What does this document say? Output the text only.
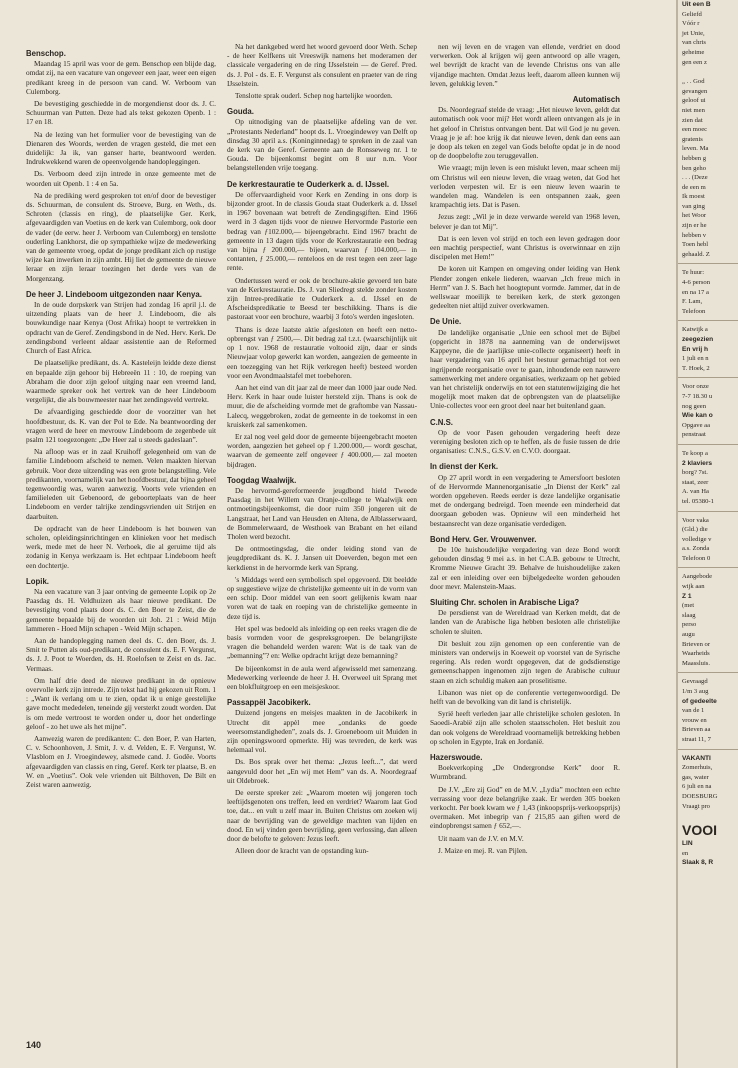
Benschop.

Maandag 15 april was voor de gem. Benschop een blijde dag, omdat zij, na een vacature van ongeveer een jaar, weer een eigen predikant kreeg in de persoon van cand. W. Verboom van Culemborg.

De bevestiging geschiedde in de morgendienst door ds. J. C. Schuurman van Putten. Deze had als tekst gekozen Openb. 1 : 17 en 18.

Na de lezing van het formulier voor de bevestiging van de Dienaren des Woords, werden de vragen gesteld, die met een duidelijk: Ja ik, van ganser harte, beantwoord werden. Indrukwekkend waren de opeenvolgende handopleggingen.

Ds. Verboom deed zijn intrede in onze gemeente met de woorden uit Openb. 1 : 4 en 5a.

Na de prediking werd gesproken tot en/of door de bevestiger ds. Schuurman, de consulent ds. Stroeve, Burg. en Weth., ds. Schroten (classis en ring), de plaatselijke Ger. Kerk, afgevaardigden van Voetius en de kerk van Culemborg, ook door de vader (de eerw. heer J. Verboom van Culemborg) en tenslotte ouderling Lankhorst, die op sympathieke wijze de medewerking van de gemeente vroeg, opdat de jonge predikant zich op rustige wijze kan inwerken in zijn ambt. Hij liet de gemeente de nieuwe leraar en zijn leraar toezingen het derde vers van de Morgenzang.

De heer J. Lindeboom uitgezonden naar Kenya.

In de oude dorpskerk van Strijen had zondag 16 april j.l. de uitzending plaats van de heer J. Lindeboom, die als bouwkundige naar Kenya (Oost Afrika) hoopt te vertrekken in opdracht van de Geref. Zendingsbond in de Ned. Herv. Kerk. De zendingsbond verleent aldaar assistentie aan de Reformed Church of East Africa.

De plaatselijke predikant, ds. A. Kasteleijn leidde deze dienst en bepaalde zijn gehoor bij Hebreeën 11 : 10, de roeping van Abraham die door zijn geloof uitging naar een vreemd land, waarmede spreker ook het vertrek van de heer Lindeboom vergelijkt, die als bouwmeester naar het zendingsveld vertrekt.

De afvaardiging geschiedde door de voorzitter van het hoofdbestuur, ds. K. van der Pol te Ede. Na beantwoording der vragen werd de heer en mevrouw Lindeboom de zegenbede uit psalm 121 toegezongen: „De Heer zal u steeds gadeslaan”.

Na afloop was er in zaal Kruihoff gelegenheid om van de familie Lindeboom afscheid te nemen. Velen maakten hiervan gebruik. Voor deze uitzending was een grote belangstelling. Vele predikanten, voornamelijk van het hoofdbestuur, dat bijna geheel tegenwoordig was, waren aanwezig. Voorts vele vrienden en familieleden uit Gebenoord, de geboorteplaats van de heer Lindeboom en verder talrijke zendingsvrienden uit Strijen en daarbuiten.

De opdracht van de heer Lindeboom is het bouwen van scholen, opleidingsinrichtingen en klinieken voor het medisch werk, mede met de heer N. Verhoek, die al geruime tijd als zodanig in Kenya werkzaam is. Het echtpaar Lindeboom heeft een dochtertje.

Lopik.

Na een vacature van 3 jaar ontving de gemeente Lopik op 2e Paasdag ds. H. Veldhuizen als haar nieuwe predikant. De bevestiging vond plaats door ds. C. den Boer te Zeist, die de gemeente bepaalde bij de woorden uit Joh. 21 : Weid Mijn lammeren - Hoed Mijn schapen - Weid Mijn schapen.

Aan de handoplegging namen deel ds. C. den Boer, ds. J. Smit te Putten als oud-predikant, de consulent ds. E. F. Vergunst, ds. J. J. Poot te Woerden, ds. H. Roelofsen te Zeist en ds. Jac. Vermaas.

Om half drie deed de nieuwe predikant in de opnieuw overvolle kerk zijn intrede. Zijn tekst had hij gekozen uit Rom. 1 : „Want ik verlang om u te zien, opdat ik u enige geestelijke gave mocht mededelen, teneinde gij versterkt zoudt worden. Dat is om mede vertroost te worden onder u, door het onderlinge geloof - zo het uwe als het mijne”.

Aanwezig waren de predikanten: C. den Boer, P. van Harten, C. v. Schoonhoven, J. Smit, J. v. d. Velden, E. F. Vergunst, W. Vlasblom en J. Vroegindewey, alsmede cand. J. Goděe. Voorts afgevaardigden van classis en ring, Geref. Kerk ter plaatse, B. en W. en „Voetius”. Ook vele vrienden uit Bilthoven, De Bilt en Zeist waren aanwezig.

Na het dankgebed werd het woord gevoerd door Weth. Schep - de heer Kelfkens uit Vreeswijk namens het moderamen der classicale vergadering en de ring IJsselstein — de Geref. Pred. ds. J. Pol - ds. E. F. Vergunst als consulent en praeter van de ring IJsselstein.

Tenslotte sprak ouderl. Schep nog hartelijke woorden.

Gouda.

Op uitnodiging van de plaatselijke afdeling van de ver. „Protestants Nederland” hoopt ds. L. Vroegindewey van Delft op dinsdag 30 april a.s. (Koninginnedag) te spreken in de zaal van de kerk van de Geref. Gemeente aan de Ronsseweg nr. 1 te Gouda. De bijeenkomst begint om 8 uur n.m. Voor belangstellenden vrije toegang.

De kerkrestauratie te Ouderkerk a. d. IJssel.

De offervaardigheid voor Kerk en Zending in ons dorp is bijzonder groot. In de classis Gouda staat Ouderkerk a. d. IJssel in 1967 bovenaan wat betreft de Zendingsgiften. Eind 1966 werd in 3 dagen tijds voor de nieuwe Hervormde Pastorie een bedrag van ƒ102.000,— bijeengebracht. Eind 1967 bracht de gemeente in 13 dagen tijds voor de Kerkrestauratie een bedrag van bijna ƒ 200.000,— bijeen, waarvan ƒ 104.000,— in contanten, ƒ 25.000,— renteloos en de rest tegen een zeer lage rente.

Ondertussen werd er ook de brochure-aktie gevoerd ten bate van de Kerkrestauratie. Ds. J. van Sliedregt stelde zonder kosten zijn Intree-predikatie te Ouderkerk a. d. IJssel en de Afscheidspredikatie te Beesd ter beschikking. Thans is die pastoraat voor een brochure, waarbij 3 foto's werden ingesloten.

Thans is deze laatste aktie afgesloten en heeft een netto-opbrengst van ƒ 2500,—. Dit bedrag zal t.z.t. (waarschijnlijk uit op 1 nov. 1968 de restauratie voltooid zijn, daar er sinds Nieuwjaar volop gewerkt kan worden, aangezien de gemeente in een toezegging van het Rijk verkregen heeft) besteed worden voor een Avondmaalstafel met toebehoren.

Aan het eind van dit jaar zal de meer dan 1000 jaar oude Ned. Herv. Kerk in haar oude luister hersteld zijn. Thans is ook de muur, die de afscheiding vormde met de graftombe van Nassau-Lalecq, weggebroken, zodat de gemeente in de toekomst in een kruiskerk zal samenkomen.

Er zal nog veel geld door de gemeente bijeengebracht moeten worden, aangezien het geheel op ƒ 1.200.000,— wordt geschat, waarvan de gemeente zelf ongeveer ƒ 400.000,— zal moeten bijdragen.

Toogdag Waalwijk.

De hervormd-gereformeerde jeugdbond hield Tweede Paasdag in het Willem van Oranje-college te Waalwijk een ontmoetingsbijeenkomst, die door ruim 350 jongeren uit de Langstraat, het Land van Heusden en Altena, de Alblasserwaard, de Bommelerwaard, de Westhoek van Brabant en het eiland Tholen werd bezocht.

De ontmoetingsdag, die onder leiding stond van de jeugdpredikant ds. K. J. Jansen uit Doeverden, begon met een kerkdienst in de hervormde kerk van Sprang.

's Middags werd een symbolisch spel opgevoerd. Dit beeldde op suggestieve wijze de christelijke gemeente uit in de vorm van een schip. Door middel van een soort gelijkenis kwam naar voren wat de taak en roeping van de christelijke gemeente in deze tijd is.

Het spel was bedoeld als inleiding op een reeks vragen die de basis vormden voor de gespreksgroepen. De belangrijkste vragen die behandeld werden waren: Wat is de taak van de „bemanning”? en: Welke opdracht krijgt deze bemanning?

De bijeenkomst in de aula werd afgewisseld met samenzang. Medewerking verleende de heer J. H. Overweel uit Sprang met een blokfluitgroep en een meisjeskoor.

Passappël Jacobikerk.

Duizend jongens en meisjes maakten in de Jacobikerk in Utrecht dit appèl mee „ondanks de goede weersomstandigheden”, zoals ds. J. Groeneboom uit Muiden in zijn openingswoord opmerkte. Hij was tevreden, de kerk was helemaal vol.

Ds. Bos sprak over het thema: „Jezus leeft...”, dat werd aangevuld door het „En wij met Hem” van ds. A. Noordegraaf uit Oldebroek.

De eerste spreker zei: „Waarom moeten wij jongeren toch leeftijdsgenoten ons treffen, leed en verdriet? Waarom laat God toe, dat... en vult u zelf maar in. Buiten Christus om zoeken wij naar de bevrijding van de geweldige machten van lijden en dood. En wij vinden geen bevrijding, geen verlossing, dan alleen door de belofte te geloven: Jezus leeft.

Alleen door de kracht van de opstanding kun-

nen wij leven en de vragen van ellende, verdriet en dood verwerken. Ook al krijgen wij geen antwoord op alle vragen, wel bevrijdt de kracht van de levende Christus ons van alle vijandige machten. Omdat Jezus leeft, daarom alleen kunnen wij leven, gelukkig leven.”

Automatisch

Ds. Noordegraaf stelde de vraag: „Het nieuwe leven, geldt dat automatisch ook voor mij? Het wordt alleen ontvangen als je in het geloof in Christus ontvangen bent. Dat wil God je nu geven. Vraag je je af: hoe krijg ik dat nieuwe leven, denk dan eens aan je doop als teken en zegel van Gods belofte opdat je in de nood op de doopbelofte zou teruggevallen.

Wie vraagt; mijn leven is een mislukt leven, maar scheen mij om Christus wil een nieuw leven, die vraag weten, dat God het verloden verpesten wil. Er is een nieuw leven waarin te wandelen mag. Wandelen is een ontspannen zaak, geen krampachtig iets. Dat is Pasen.

Jezus zegt: „Wil je in deze verwarde wereld van 1968 leven, belever je dan tot Mij”.

Dat is een leven vol strijd en toch een leven gedragen door een machtig perspectief, want Christus is overwinnaar en zijn discipelen met Hem!”

De koren uit Kampen en omgeving onder leiding van Henk Plender zongen enkele liederen, waarvan „Ich freue mich in Herrn” van J. S. Bach het hoogtepunt vormde. Jammer, dat in de wellswaar moeilijk te bereiken kerk, de sterk gezongen gedeelten niet altijd zuiver overkwamen.

De Unie.

De landelijke organisatie „Unie een school met de Bijbel (opgericht in 1878 na aanneming van de onderwijswet Kappeyne, die de jaarlijkse unie-collecte organiseert) heeft in haar vergadering van 16 april het bestuur gemachtigd tot een ingrijpende reorganisatie over te gaan, inhoudende een nauwere samenwerking met andere organisaties, werkzaam op het gebied van het christelijk onderwijs en tot een statutenwijziging die het mogelijk moet maken dat de opbrengsten van de plaatselijke Unie-collectes voor een groot deel naar het buitenland gaan.

C.N.S.

Op de voor Pasen gehouden vergadering heeft deze vereniging besloten zich op te heffen, als de fusie tussen de drie organisaties: C.N.S., G.S.V. en C.V.O. doorgaat.

In dienst der Kerk.

Op 27 april wordt in een vergadering te Amersfoort besloten of de Hervormde Mannenorganisatie „In Dienst der Kerk” zal worden opgeheven. Reeds eerder is deze landelijke organisatie met de ondergang bedreigd. Toen meende een minderheid dat doorgaan geboden was. Opnieuw wil een minderheid het bestaansrecht van deze organisatie verdedigen.

Bond Herv. Ger. Vrouwenver.

De 10e huishoudelijke vergadering van deze Bond wordt gehouden dinsdag 9 mei a.s. in het C.A.B. gebouw te Utrecht, Kromme Nieuwe Gracht 39. Behalve de huishoudelijke zaken zal er een inleiding over een bijbelgedeelte worden gehouden door mevr. Malenstein-Maas.

Sluiting Chr. scholen in Arabische Liga?

De persdienst van de Wereldraad van Kerken meldt, dat de landen van de Arabische liga hebben besloten alle christelijke scholen te sluiten.

Dit besluit zou zijn genomen op een conferentie van de ministers van onderwijs in Koeweit op voorstel van de Syrische regering. Als reden wordt opgegeven, dat de godsdienstige gemeenschappen ingenomen zijn tegen de Arabische cultuur staan en zich schuldig maken aan proselitisme.

Libanon was niet op de conferentie vertegenwoordigd. De helft van de bevolking van dit land is christelijk.

Syrië heeft verleden jaar alle christelijke scholen gesloten. In Saoedi-Arabië zijn alle scholen staatsscholen. Het besluit zou dan ook volgens de Wereldraad voornamelijk betrekking hebben op scholen in Egypte, Irak en Jordanië.

Hazerswoude.

Boekverkoping „De Ondergrondse Kerk” door R. Wurmbrand.

De J.V. „Ere zij God” en de M.V. „Lydia” mochten een echte verrassing voor deze belangrijke zaak. Er werden 305 boeken verkocht. Per boek kwam we ƒ 1,43 (inkoopsprijs-verkoopsprijs) overmaken. Met inbegrip van ƒ 215,85 aan giften werd de eindopbrengst samen ƒ 652,—.

Uit naam van de J.V. en M.V.

J. Maize en mej. R. van Pijlen.

140
Uit een B
Geliefd
Vóór r
jet Unie,
van chris
geheime
gen een z
„ . . God
gevangen
geloof ui
niet men
zien dat
een moec
gratenis
leven. Ma
hebben g
ben geho
. . . (Deze
de een m
Ik moest
van ging
het Woor
zijn er he
hebben v
Toen hebl
gehaald. Z
Te huur:
4-6 person
en na 17 a
F. Lam,
Telefoon
Katwijk a
zeegezien
En vrij h
1 juli en n
T. Hoek, 2
Voor onze
7-7 18.30 u
nog geen
Wie kan o
Opgave aa
penstraat
Te koop a
2 klaviers
borg? 7st.
staat, zeer
A. van Ha
tel. 05380-1
Voor vaka
(Gld.) die
volledige v
a.s. Zonda
Telefoon 0
Aangebode
wijk aan
Z 1
(met
slaag
perso
augu
Brieven or
Waarheids
Maassluis.
Gevraagd
1/m 3 aug
of gedeelte
van de 1
vrouw en
Brieven aa
straat 11, 7
VAKANTI
Zomerhuis,
gas, water
6 juli en na
DOESBURG
Vraagt pro
VOOI
LIN
en
Slaak 8, R
